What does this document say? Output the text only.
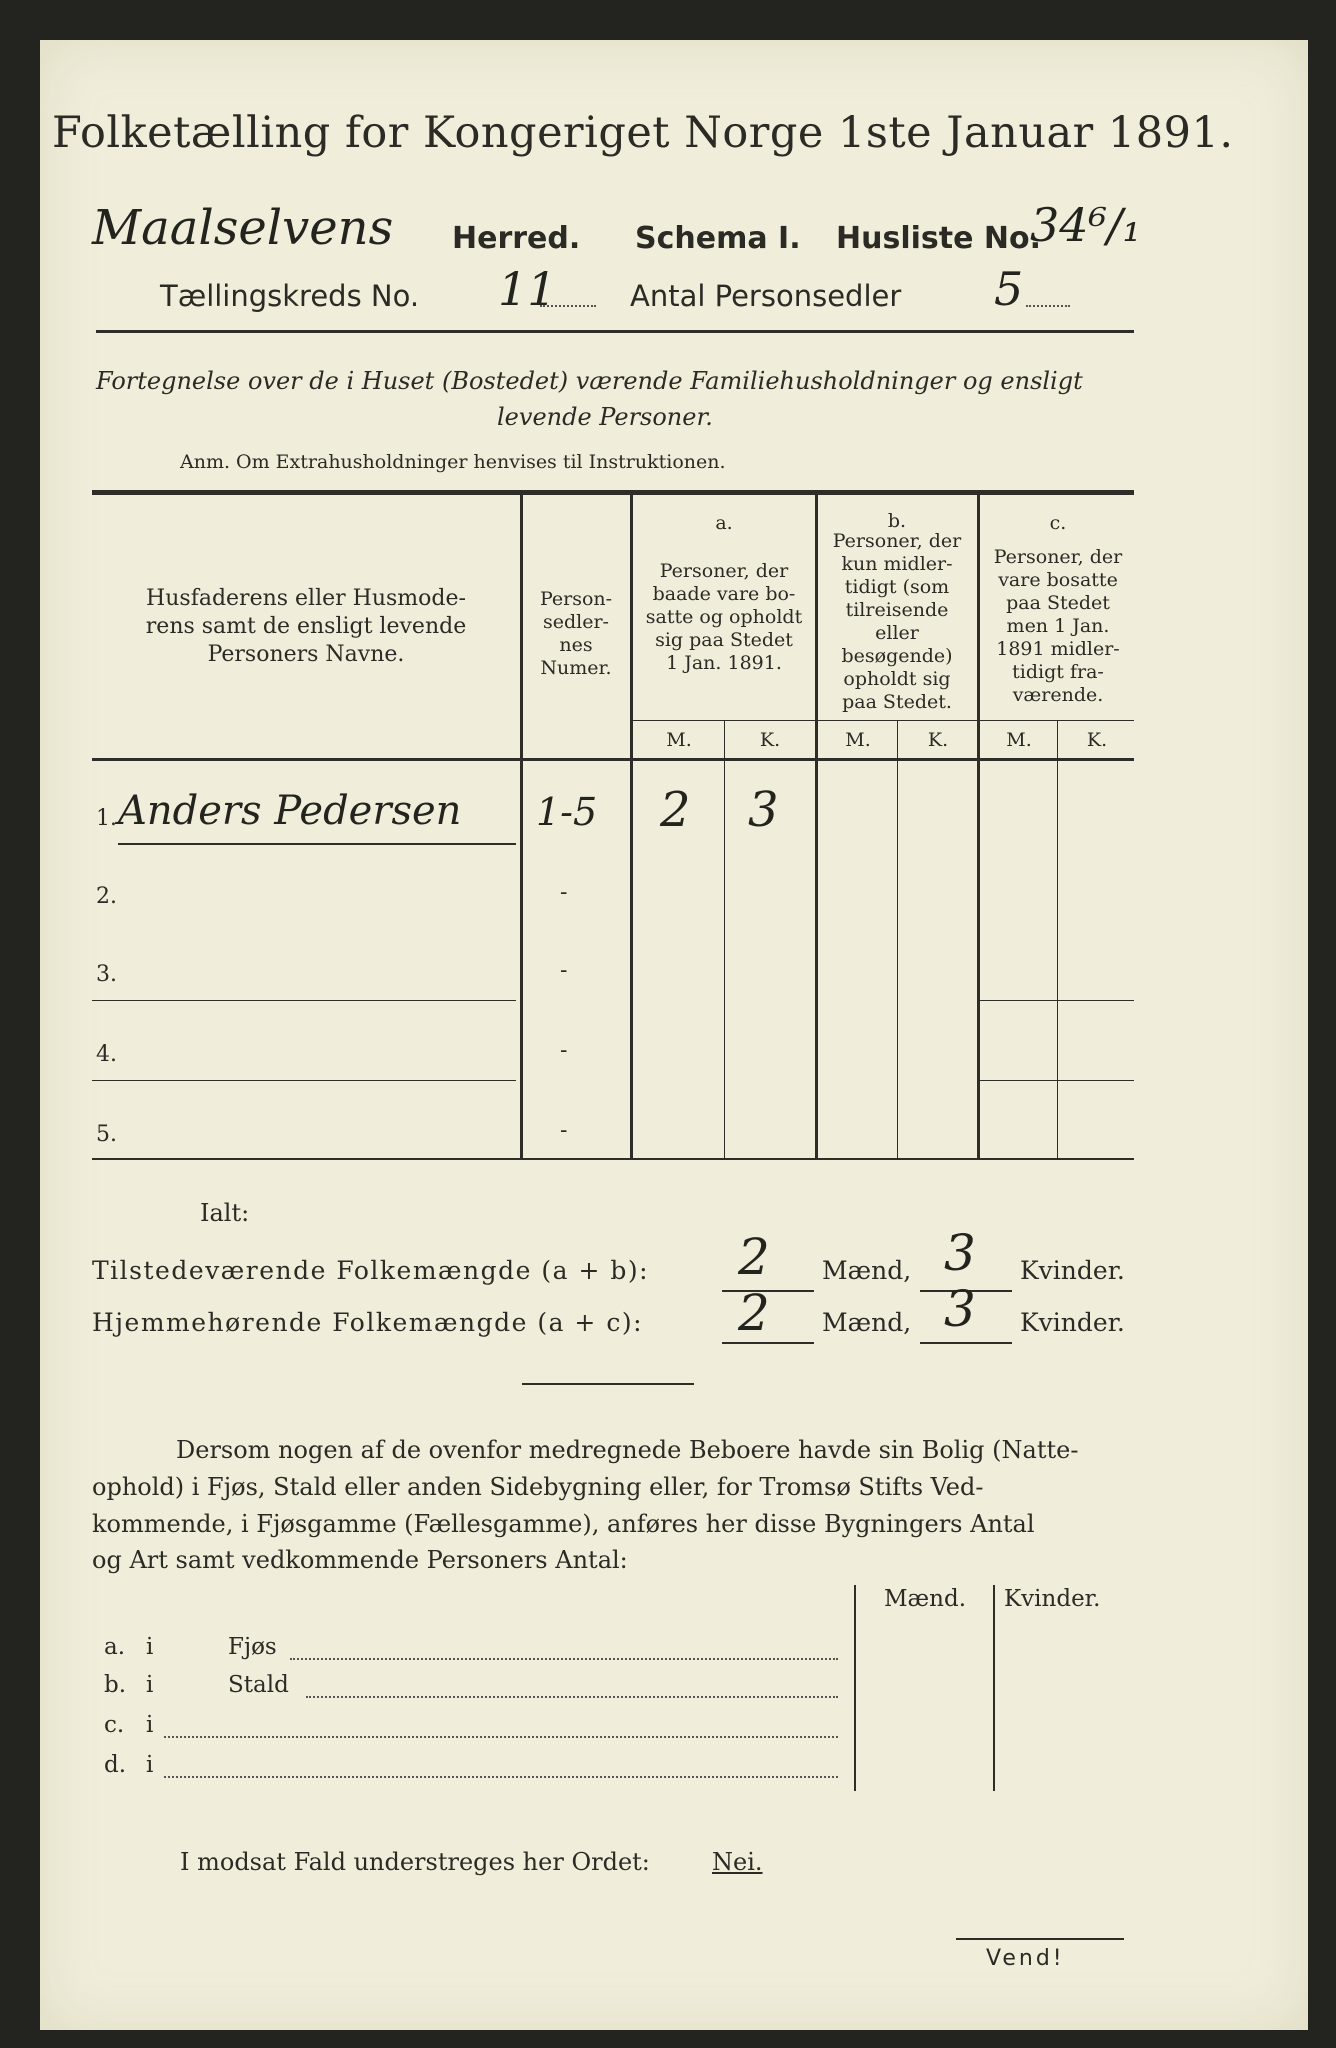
Folketælling for Kongeriget Norge 1ste Januar 1891.
Maalselvens Herred. Schema I. Husliste No.
34⁶/₁
Tællingskreds No. 11	Antal Personsedler 5
Fortegnelse over de i Huset (Bostedet) værende Familiehusholdninger og ensligt
levende Personer.
Anm. Om Extrahusholdninger henvises til Instruktionen.
Husfaderens eller Husmode-
rens samt de ensligt levende
Personers Navne.
Person-
sedler-
nes
Numer.
a.
Personer, der
baade vare bo-
satte og opholdt
sig paa Stedet
1 Jan. 1891.
b.
Personer, der
kun midler-
tidigt (som
tilreisende
eller
besøgende)
opholdt sig
paa Stedet.
c.
Personer, der
vare bosatte
paa Stedet
men 1 Jan.
1891 midler-
tidigt fra-
værende.
M.	K.	M.	K.	M.	K.
1. Anders Pedersen 1-5 2 3
2.	-
3.	-
4.	-
5.	-
Ialt:
Tilstedeværende Folkemængde (a + b): 2 Mænd, 3 Kvinder.
Hjemmehørende Folkemængde (a + c): 2 Mænd, 3 Kvinder.
Dersom nogen af de ovenfor medregnede Beboere havde sin Bolig (Natte-
ophold) i Fjøs, Stald eller anden Sidebygning eller, for Tromsø Stifts Ved-
kommende, i Fjøsgamme (Fællesgamme), anføres her disse Bygningers Antal
og Art samt vedkommende Personers Antal:
Mænd. Kvinder.
a. i	Fjøs
b. i	Stald
c. i
d. i
I modsat Fald understreges her Ordet:	Nei.
Vend!
